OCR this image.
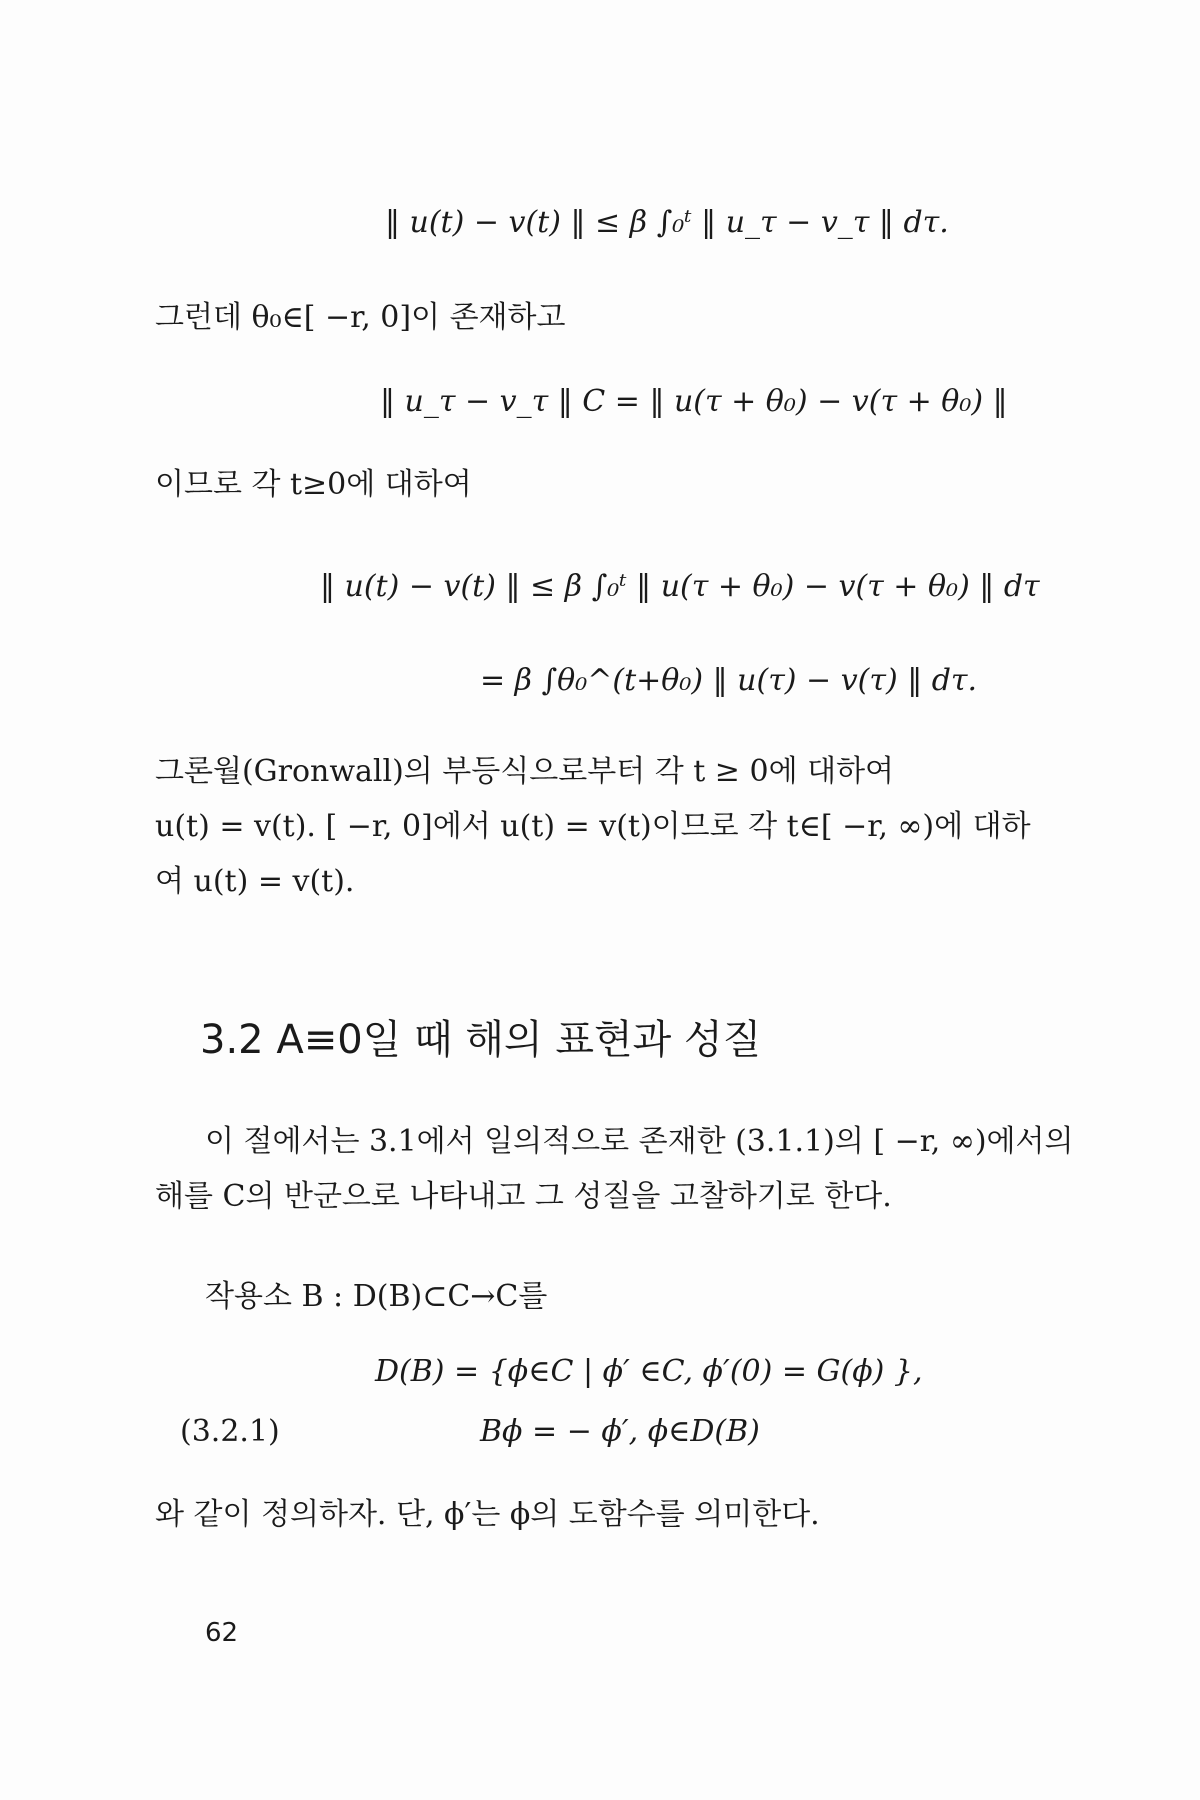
‖ u(t) − v(t) ‖ ≤ β ∫₀ᵗ ‖ u_τ − v_τ ‖ dτ.
그런데 θ₀∈[ −r, 0]이 존재하고
‖ u_τ − v_τ ‖ C = ‖ u(τ + θ₀) − v(τ + θ₀) ‖
이므로 각 t≥0에 대하여
‖ u(t) − v(t) ‖ ≤ β ∫₀ᵗ ‖ u(τ + θ₀) − v(τ + θ₀) ‖ dτ
= β ∫θ₀^(t+θ₀) ‖ u(τ) − v(τ) ‖ dτ.
그론월(Gronwall)의 부등식으로부터 각 t ≥ 0에 대하여
u(t) = v(t). [ −r, 0]에서 u(t) = v(t)이므로 각 t∈[ −r, ∞)에 대하
여 u(t) = v(t).
3.2 A≡0일 때 해의 표현과 성질
이 절에서는 3.1에서 일의적으로 존재한 (3.1.1)의 [ −r, ∞)에서의
해를 C의 반군으로 나타내고 그 성질을 고찰하기로 한다.
작용소 B : D(B)⊂C→C를
D(B) = {ϕ∈C | ϕ′ ∈C, ϕ′(0) = G(ϕ) },
(3.2.1)	Bϕ = − ϕ′, ϕ∈D(B)
와 같이 정의하자. 단, ϕ′는 ϕ의 도함수를 의미한다.
62
